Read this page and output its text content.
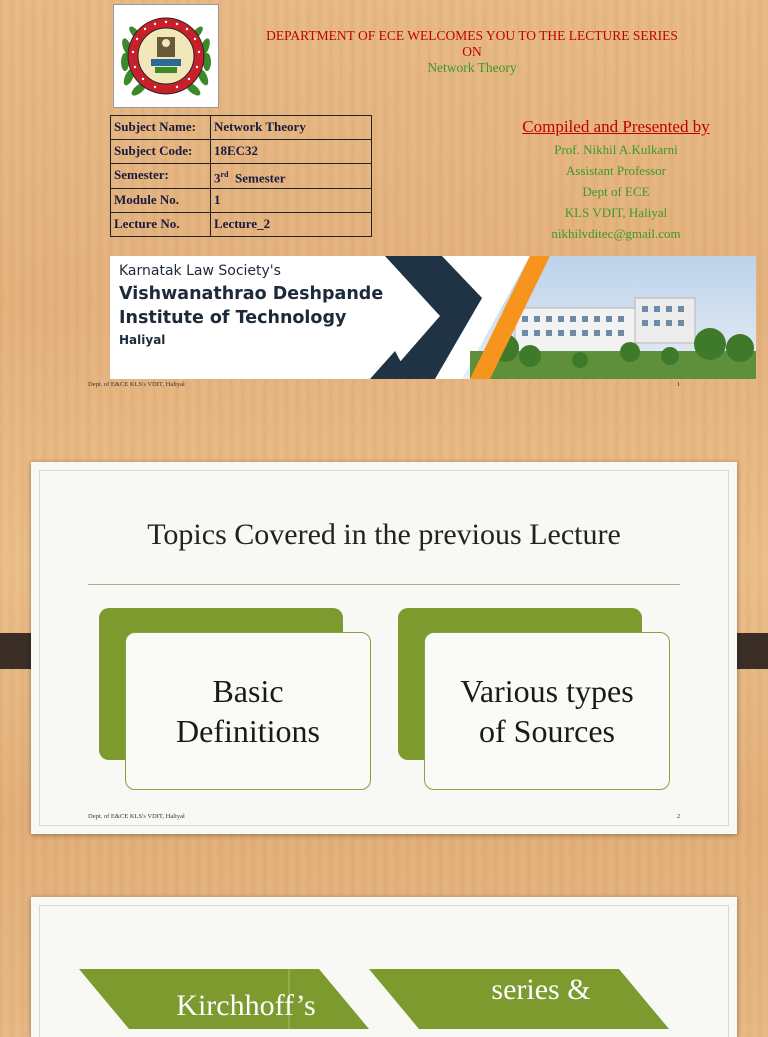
DEPARTMENT OF ECE WELCOMES YOU TO THE LECTURE SERIES
ON
Network Theory
Subject Name:	Network Theory
Subject Code:	18EC32
Semester:	3rd  Semester
Module No.	1
Lecture No.	Lecture_2
Compiled and Presented by
Prof. Nikhil A.Kulkarni
Assistant Professor
Dept of ECE
KLS VDIT, Haliyal
nikhilvditec@gmail.com
Karnatak Law Society's
Vishwanathrao Deshpande
Institute of Technology
Haliyal
Dept. of E&CE KLS's VDIT, Haliyal	1
Topics Covered in the previous Lecture
Basic
Definitions
Various types
of Sources
Dept. of E&CE KLS's VDIT, Haliyal	2
Kirchhoff’s	series &
